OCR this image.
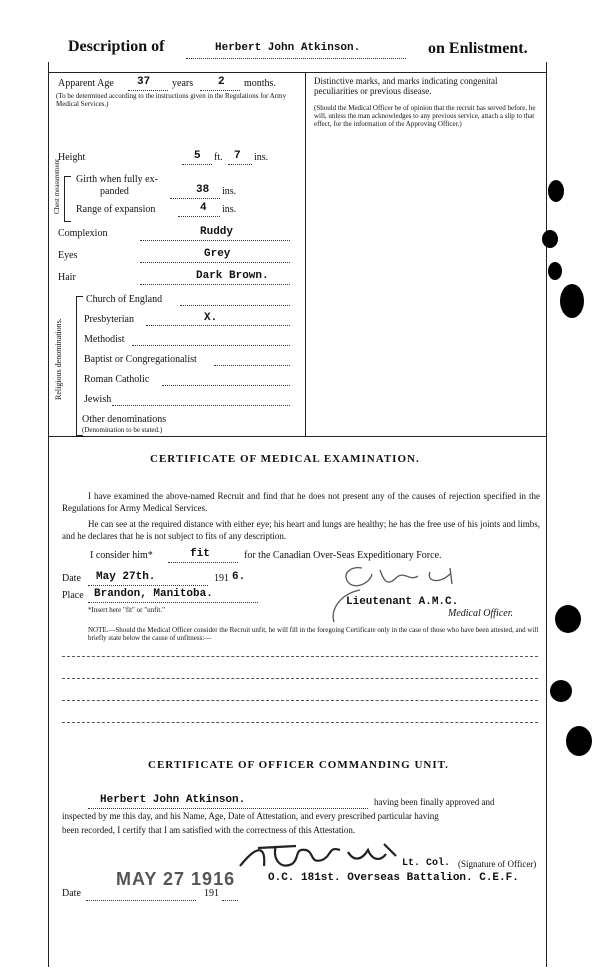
Description of	Herbert John Atkinson.	on Enlistment.
Apparent Age 37 years 2 months.
(To be determined according to the instructions given in the Regulations for Army Medical Services.)
Distinctive marks, and marks indicating congenital peculiarities or previous disease.
(Should the Medical Officer be of opinion that the recruit has served before, he will, unless the man acknowledges to any previous service, attach a slip to that effect, for the information of the Approving Officer.)
Height	5 ft. 7 ins.
Chest measurement Girth when fully ex-
panded	38 ins.
Range of expansion	4 ins.
Complexion	Ruddy
Eyes	Grey
Hair	Dark Brown.
Religious denominations.
Church of England
Presbyterian	X.
Methodist
Baptist or Congregationalist
Roman Catholic
Jewish
Other denominations
(Denomination to be stated.)
CERTIFICATE OF MEDICAL EXAMINATION.
I have examined the above-named Recruit and find that he does not present any of the causes of rejection specified in the Regulations for Army Medical Services.
He can see at the required distance with either eye; his heart and lungs are healthy; he has the free use of his joints and limbs, and he declares that he is not subject to fits of any description.
I consider him*	fit	for the Canadian Over-Seas Expeditionary Force.
Date May 27th.	191 6.
Place Brandon, Manitoba.
Lieutenant A.M.C.
Medical Officer.
*Insert here "fit" or "unfit."
NOTE.—Should the Medical Officer consider the Recruit unfit, he will fill in the foregoing Certificate only in the case of those who have been attested, and will briefly state below the cause of unfitness:—
CERTIFICATE OF OFFICER COMMANDING UNIT.
Herbert John Atkinson.	having been finally approved and
inspected by me this day, and his Name, Age, Date of Attestation, and every prescribed particular having
been recorded, I certify that I am satisfied with the correctness of this Attestation.
Lt. Col. (Signature of Officer)
MAY 27 1916	O.C. 181st. Overseas Battalion. C.E.F.
Date	191
